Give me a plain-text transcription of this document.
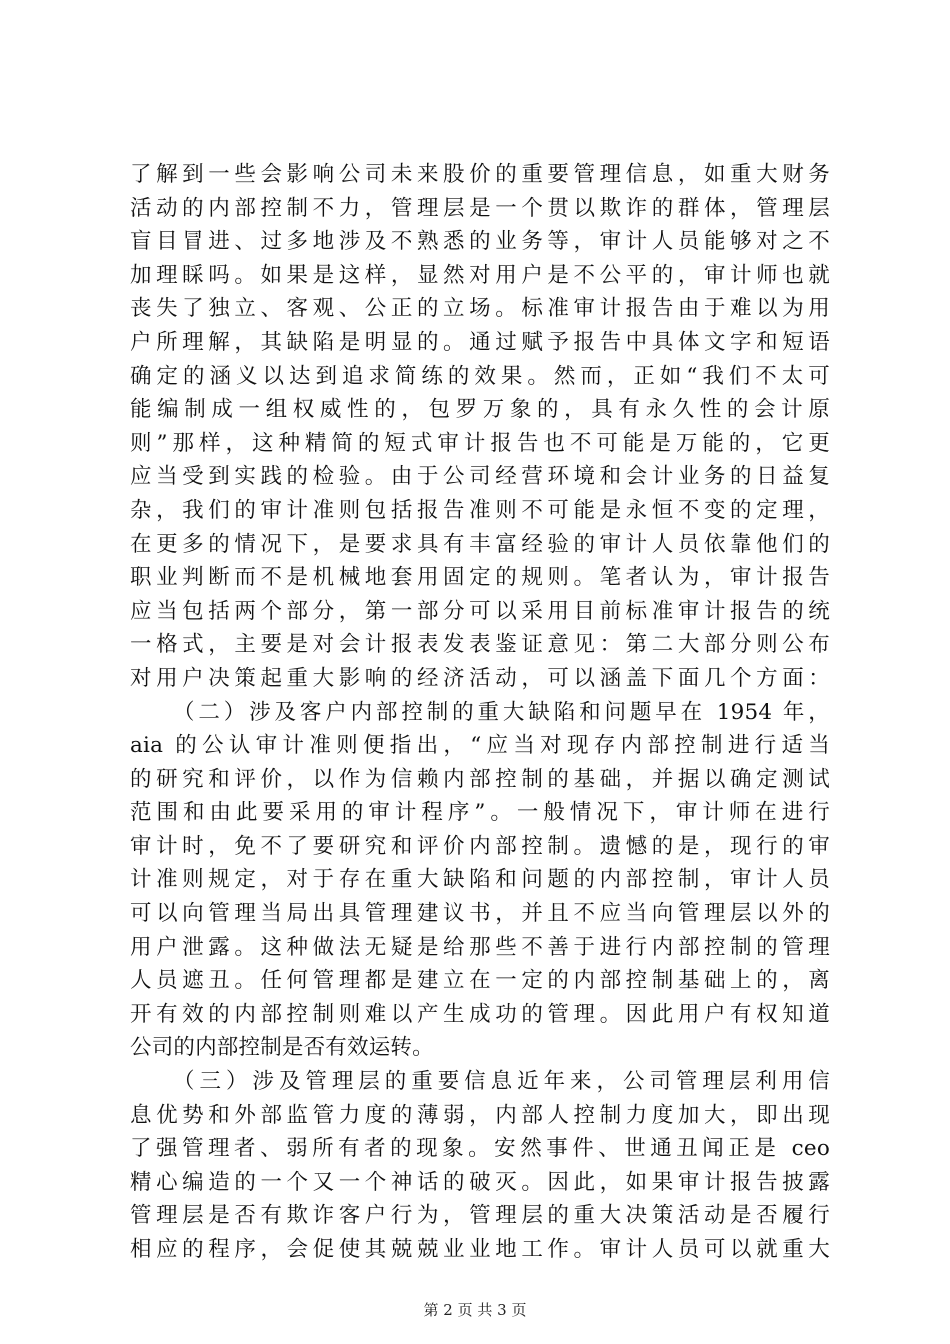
了解到一些会影响公司未来股价的重要管理信息，如重大财务
活动的内部控制不力，管理层是一个贯以欺诈的群体，管理层
盲目冒进、过多地涉及不熟悉的业务等，审计人员能够对之不
加理睬吗。如果是这样，显然对用户是不公平的，审计师也就
丧失了独立、客观、公正的立场。标准审计报告由于难以为用
户所理解，其缺陷是明显的。通过赋予报告中具体文字和短语
确定的涵义以达到追求简练的效果。然而，正如“我们不太可
能编制成一组权威性的，包罗万象的，具有永久性的会计原
则”那样，这种精简的短式审计报告也不可能是万能的，它更
应当受到实践的检验。由于公司经营环境和会计业务的日益复
杂，我们的审计准则包括报告准则不可能是永恒不变的定理，
在更多的情况下，是要求具有丰富经验的审计人员依靠他们的
职业判断而不是机械地套用固定的规则。笔者认为，审计报告
应当包括两个部分，第一部分可以采用目前标准审计报告的统
一格式，主要是对会计报表发表鉴证意见：第二大部分则公布
对用户决策起重大影响的经济活动，可以涵盖下面几个方面：
（二）涉及客户内部控制的重大缺陷和问题早在 1954 年，
aia 的公认审计准则便指出，“应当对现存内部控制进行适当
的研究和评价，以作为信赖内部控制的基础，并据以确定测试
范围和由此要采用的审计程序”。一般情况下，审计师在进行
审计时，免不了要研究和评价内部控制。遗憾的是，现行的审
计准则规定，对于存在重大缺陷和问题的内部控制，审计人员
可以向管理当局出具管理建议书，并且不应当向管理层以外的
用户泄露。这种做法无疑是给那些不善于进行内部控制的管理
人员遮丑。任何管理都是建立在一定的内部控制基础上的，离
开有效的内部控制则难以产生成功的管理。因此用户有权知道
公司的内部控制是否有效运转。
（三）涉及管理层的重要信息近年来，公司管理层利用信
息优势和外部监管力度的薄弱，内部人控制力度加大，即出现
了强管理者、弱所有者的现象。安然事件、世通丑闻正是 ceo
精心编造的一个又一个神话的破灭。因此，如果审计报告披露
管理层是否有欺诈客户行为，管理层的重大决策活动是否履行
相应的程序，会促使其兢兢业业地工作。审计人员可以就重大
第 2 页 共 3 页
